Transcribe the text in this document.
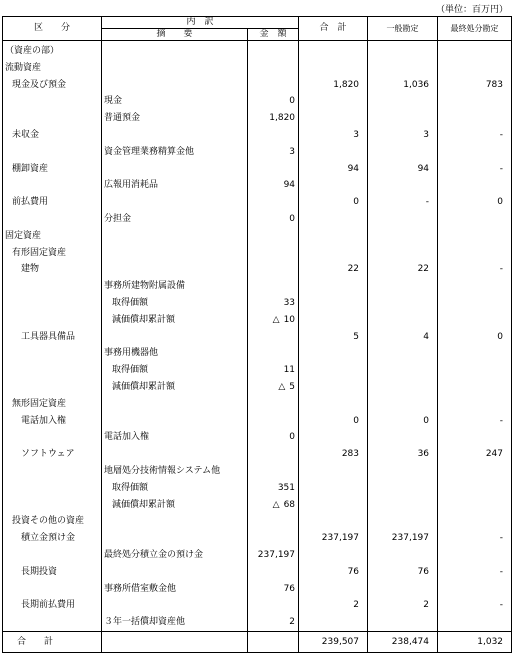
（単位：百万円）
区　　分	内　訳		合　計	一般勘定	最終処分勘定
	摘　　要	金　額			
（資産の部）					
流動資産					
現金及び預金			1,820	1,036	783
	現金	0			
	普通預金	1,820			
未収金			3	3	-
	資金管理業務精算金他	3			
棚卸資産			94	94	-
	広報用消耗品	94			
前払費用			0	-	0
	分担金	0			
固定資産					
有形固定資産					
建物			22	22	-
	事務所建物附属設備				
	取得価額	33			
	減価償却累計額	△ 10			
工具器具備品			5	4	0
	事務用機器他				
	取得価額	11			
	減価償却累計額	△ 5			
無形固定資産					
電話加入権			0	0	-
	電話加入権	0			
ソフトウェア			283	36	247
	地層処分技術情報システム他				
	取得価額	351			
	減価償却累計額	△ 68			
投資その他の資産					
積立金預け金			237,197	237,197	-
	最終処分積立金の預け金	237,197			
長期投資			76	76	-
	事務所借室敷金他	76			
長期前払費用			2	2	-
	３年一括償却資産他	2			
合　　計			239,507	238,474	1,032
